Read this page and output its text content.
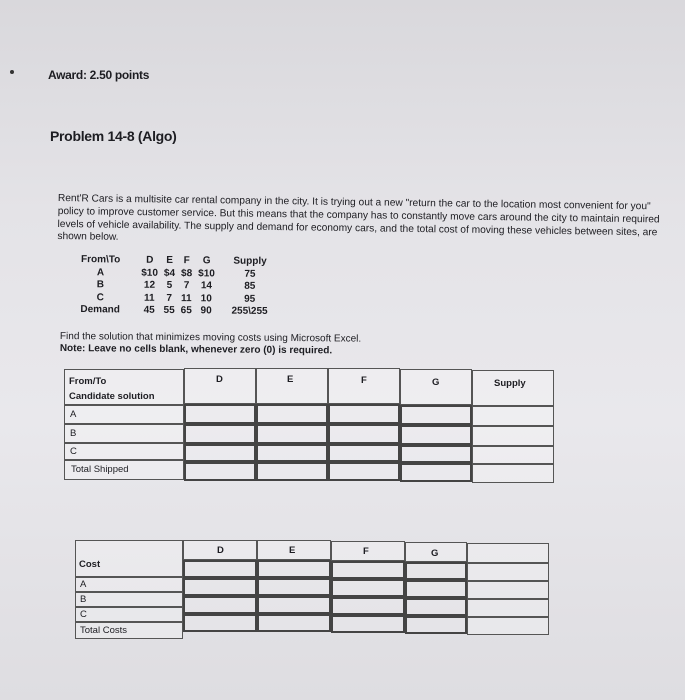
Award: 2.50 points
Problem 14-8 (Algo)
Rent'R Cars is a multisite car rental company in the city. It is trying out a new "return the car to the location most convenient for you" policy to improve customer service. But this means that the company has to constantly move cars around the city to maintain required levels of vehicle availability. The supply and demand for economy cars, and the total cost of moving these vehicles between sites, are shown below.
From\To	D	E	F	G	Supply
A	$10	$4	$8	$10	75
B	12	5	7	14	85
C	11	7	11	10	95
Demand	45	55	65	90	255\255
Find the solution that minimizes moving costs using Microsoft Excel.
Note: Leave no cells blank, whenever zero (0) is required.
From/To
Candidate solution
D	E	F	G	Supply
A
B
C
Total Shipped
Cost
D	E	F	G
A
B
C
Total Costs
